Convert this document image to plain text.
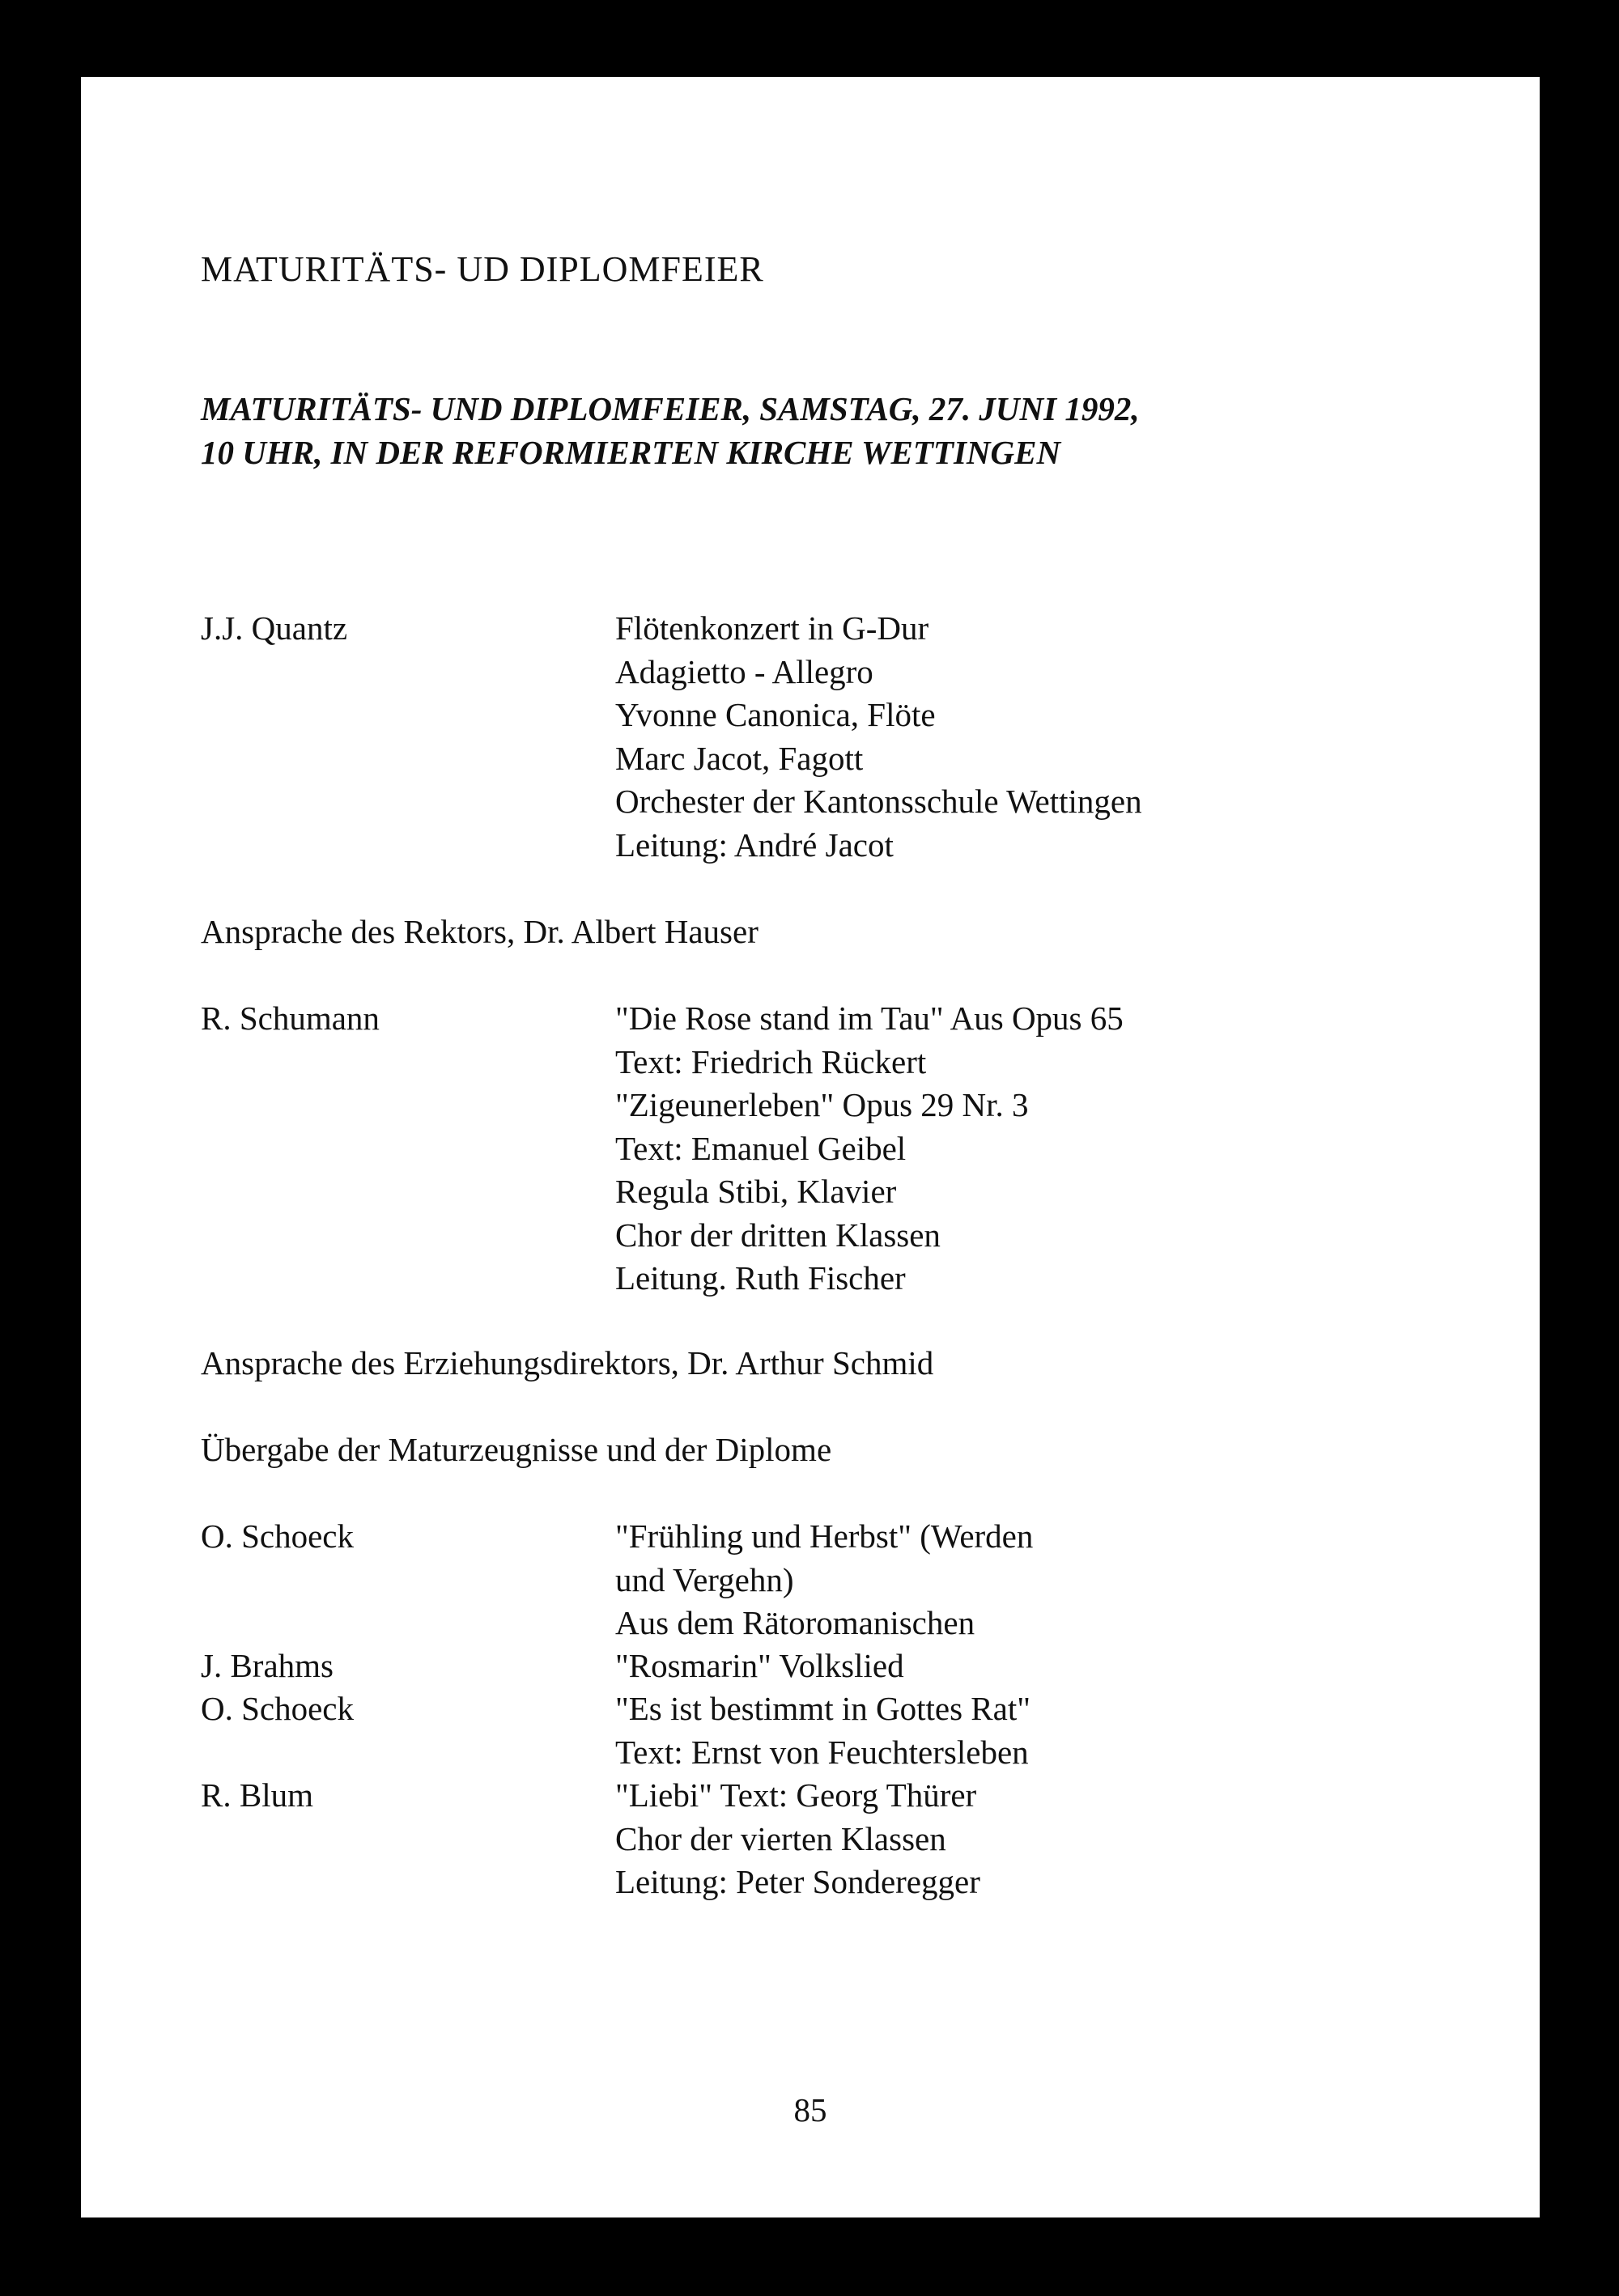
MATURITÄTS- UD DIPLOMFEIER
MATURITÄTS- UND DIPLOMFEIER, SAMSTAG, 27. JUNI 1992,
10 UHR, IN DER REFORMIERTEN KIRCHE WETTINGEN
J.J. Quantz	Flötenkonzert in G-Dur
Adagietto - Allegro
Yvonne Canonica, Flöte
Marc Jacot, Fagott
Orchester der Kantonsschule Wettingen
Leitung: André Jacot
Ansprache des Rektors, Dr. Albert Hauser
R. Schumann	"Die Rose stand im Tau" Aus Opus 65
Text: Friedrich Rückert
"Zigeunerleben" Opus 29 Nr. 3
Text: Emanuel Geibel
Regula Stibi, Klavier
Chor der dritten Klassen
Leitung. Ruth Fischer
Ansprache des Erziehungsdirektors, Dr. Arthur Schmid
Übergabe der Maturzeugnisse und der Diplome
O. Schoeck	"Frühling und Herbst" (Werden
und Vergehn)
Aus dem Rätoromanischen
J. Brahms	"Rosmarin" Volkslied
O. Schoeck	"Es ist bestimmt in Gottes Rat"
Text: Ernst von Feuchtersleben
R. Blum	"Liebi" Text: Georg Thürer
Chor der vierten Klassen
Leitung: Peter Sonderegger
85
